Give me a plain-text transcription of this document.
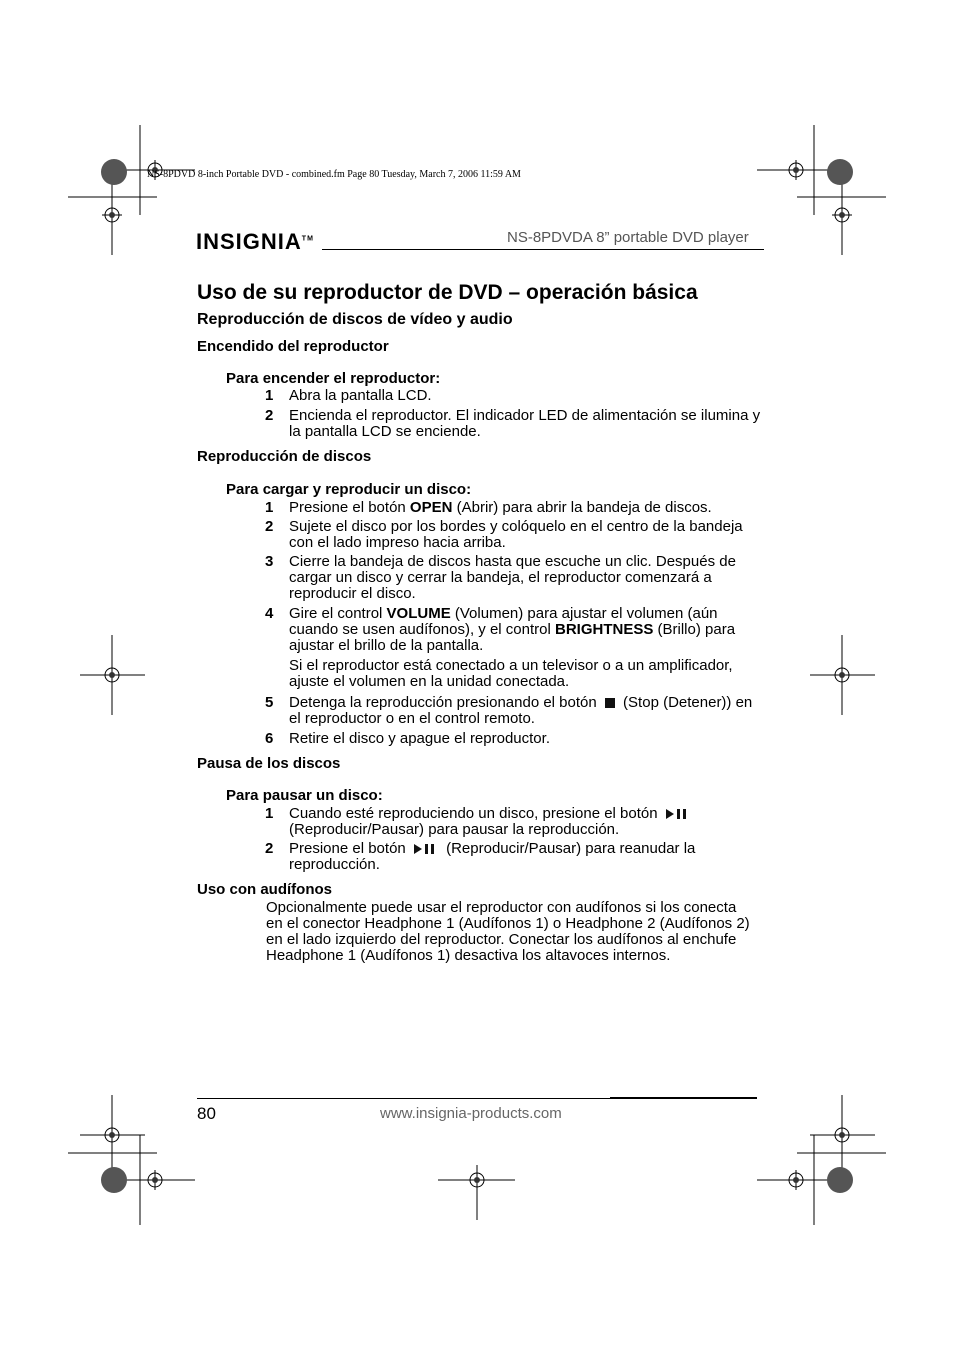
NS-8PDVD 8-inch Portable DVD - combined.fm Page 80 Tuesday, March 7, 2006 11:59 AM
INSIGNIA™	NS-8PDVDA 8” portable DVD player
Uso de su reproductor de DVD – operación básica
Reproducción de discos de vídeo y audio
Encendido del reproductor
Para encender el reproductor:
1 Abra la pantalla LCD.
2 Encienda el reproductor. El indicador LED de alimentación se ilumina y la pantalla LCD se enciende.
Reproducción de discos
Para cargar y reproducir un disco:
1 Presione el botón OPEN (Abrir) para abrir la bandeja de discos.
2 Sujete el disco por los bordes y colóquelo en el centro de la bandeja con el lado impreso hacia arriba.
3 Cierre la bandeja de discos hasta que escuche un clic. Después de cargar un disco y cerrar la bandeja, el reproductor comenzará a reproducir el disco.
4 Gire el control VOLUME (Volumen) para ajustar el volumen (aún cuando se usen audífonos), y el control BRIGHTNESS (Brillo) para ajustar el brillo de la pantalla.
Si el reproductor está conectado a un televisor o a un amplificador, ajuste el volumen en la unidad conectada.
5 Detenga la reproducción presionando el botón  (Stop (Detener)) en el reproductor o en el control remoto.
6 Retire el disco y apague el reproductor.
Pausa de los discos
Para pausar un disco:
1 Cuando esté reproduciendo un disco, presione el botón  (Reproducir/Pausar) para pausar la reproducción.
2 Presione el botón  (Reproducir/Pausar) para reanudar la reproducción.
Uso con audífonos
Opcionalmente puede usar el reproductor con audífonos si los conecta en el conector Headphone 1 (Audífonos 1) o Headphone 2 (Audífonos 2) en el lado izquierdo del reproductor. Conectar los audífonos al enchufe Headphone 1 (Audífonos 1) desactiva los altavoces internos.
80	www.insignia-products.com
